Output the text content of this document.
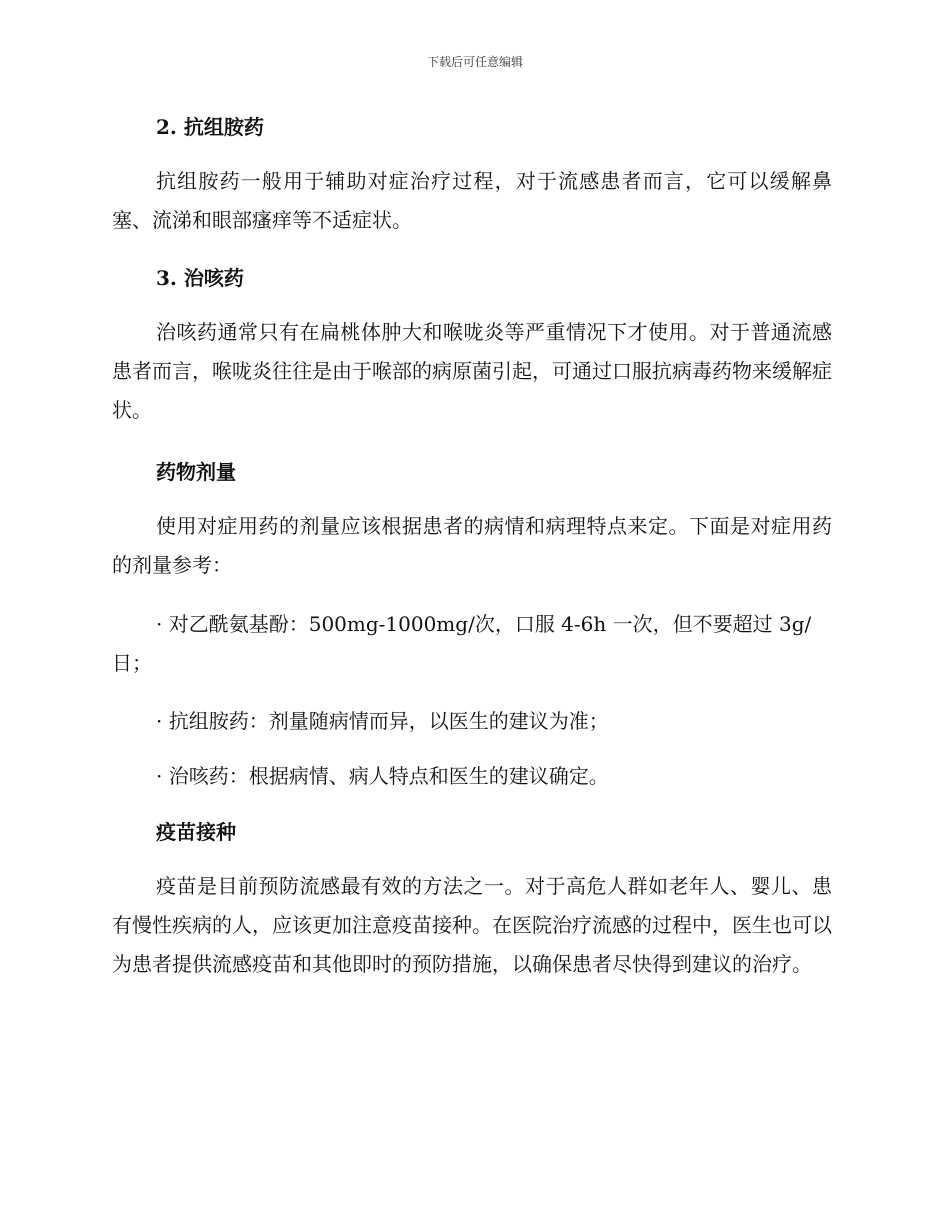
下载后可任意编辑
2. 抗组胺药
抗组胺药一般用于辅助对症治疗过程，对于流感患者而言，它可以缓解鼻塞、流涕和眼部瘙痒等不适症状。
3. 治咳药
治咳药通常只有在扁桃体肿大和喉咙炎等严重情况下才使用。对于普通流感患者而言，喉咙炎往往是由于喉部的病原菌引起，可通过口服抗病毒药物来缓解症状。
药物剂量
使用对症用药的剂量应该根据患者的病情和病理特点来定。下面是对症用药的剂量参考：
· 对乙酰氨基酚：500mg-1000mg/次，口服 4-6h 一次，但不要超过 3g/日；
· 抗组胺药：剂量随病情而异，以医生的建议为准；
· 治咳药：根据病情、病人特点和医生的建议确定。
疫苗接种
疫苗是目前预防流感最有效的方法之一。对于高危人群如老年人、婴儿、患有慢性疾病的人，应该更加注意疫苗接种。在医院治疗流感的过程中，医生也可以为患者提供流感疫苗和其他即时的预防措施，以确保患者尽快得到建议的治疗。
